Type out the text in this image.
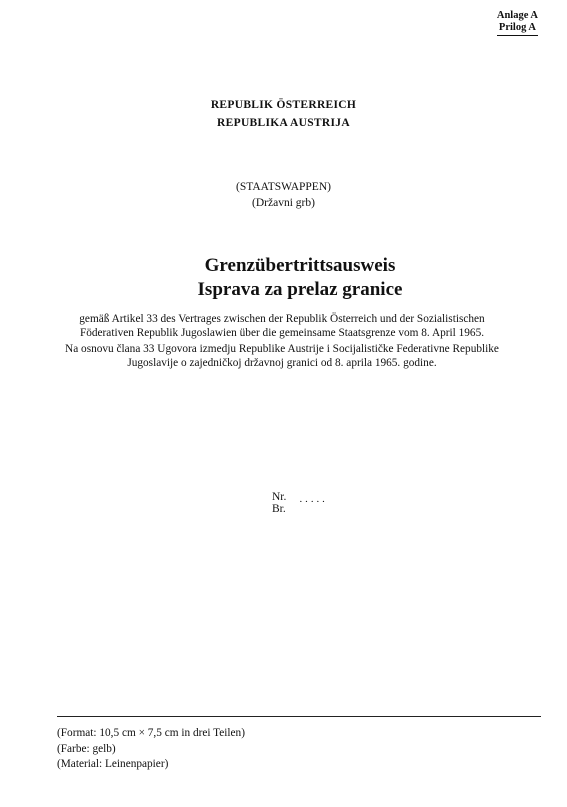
Anlage A

Prilog A
REPUBLIK ÖSTERREICH
REPUBLIKA AUSTRIJA
(STAATSWAPPEN)
(Državni grb)
Grenzübertrittsausweis
Isprava za prelaz granice
gemäß Artikel 33 des Vertrages zwischen der Republik Österreich und der Sozialistischen Föderativen Republik Jugoslawien über die gemeinsame Staatsgrenze vom 8. April 1965.
Na osnovu člana 33 Ugovora izmedju Republike Austrije i Socijalističke Federativne Republike Jugoslavije o zajedničkoj državnoj granici od 8. aprila 1965. godine.
Nr.
Br.
·····
(Format: 10,5 cm × 7,5 cm in drei Teilen)
(Farbe: gelb)
(Material: Leinenpapier)
